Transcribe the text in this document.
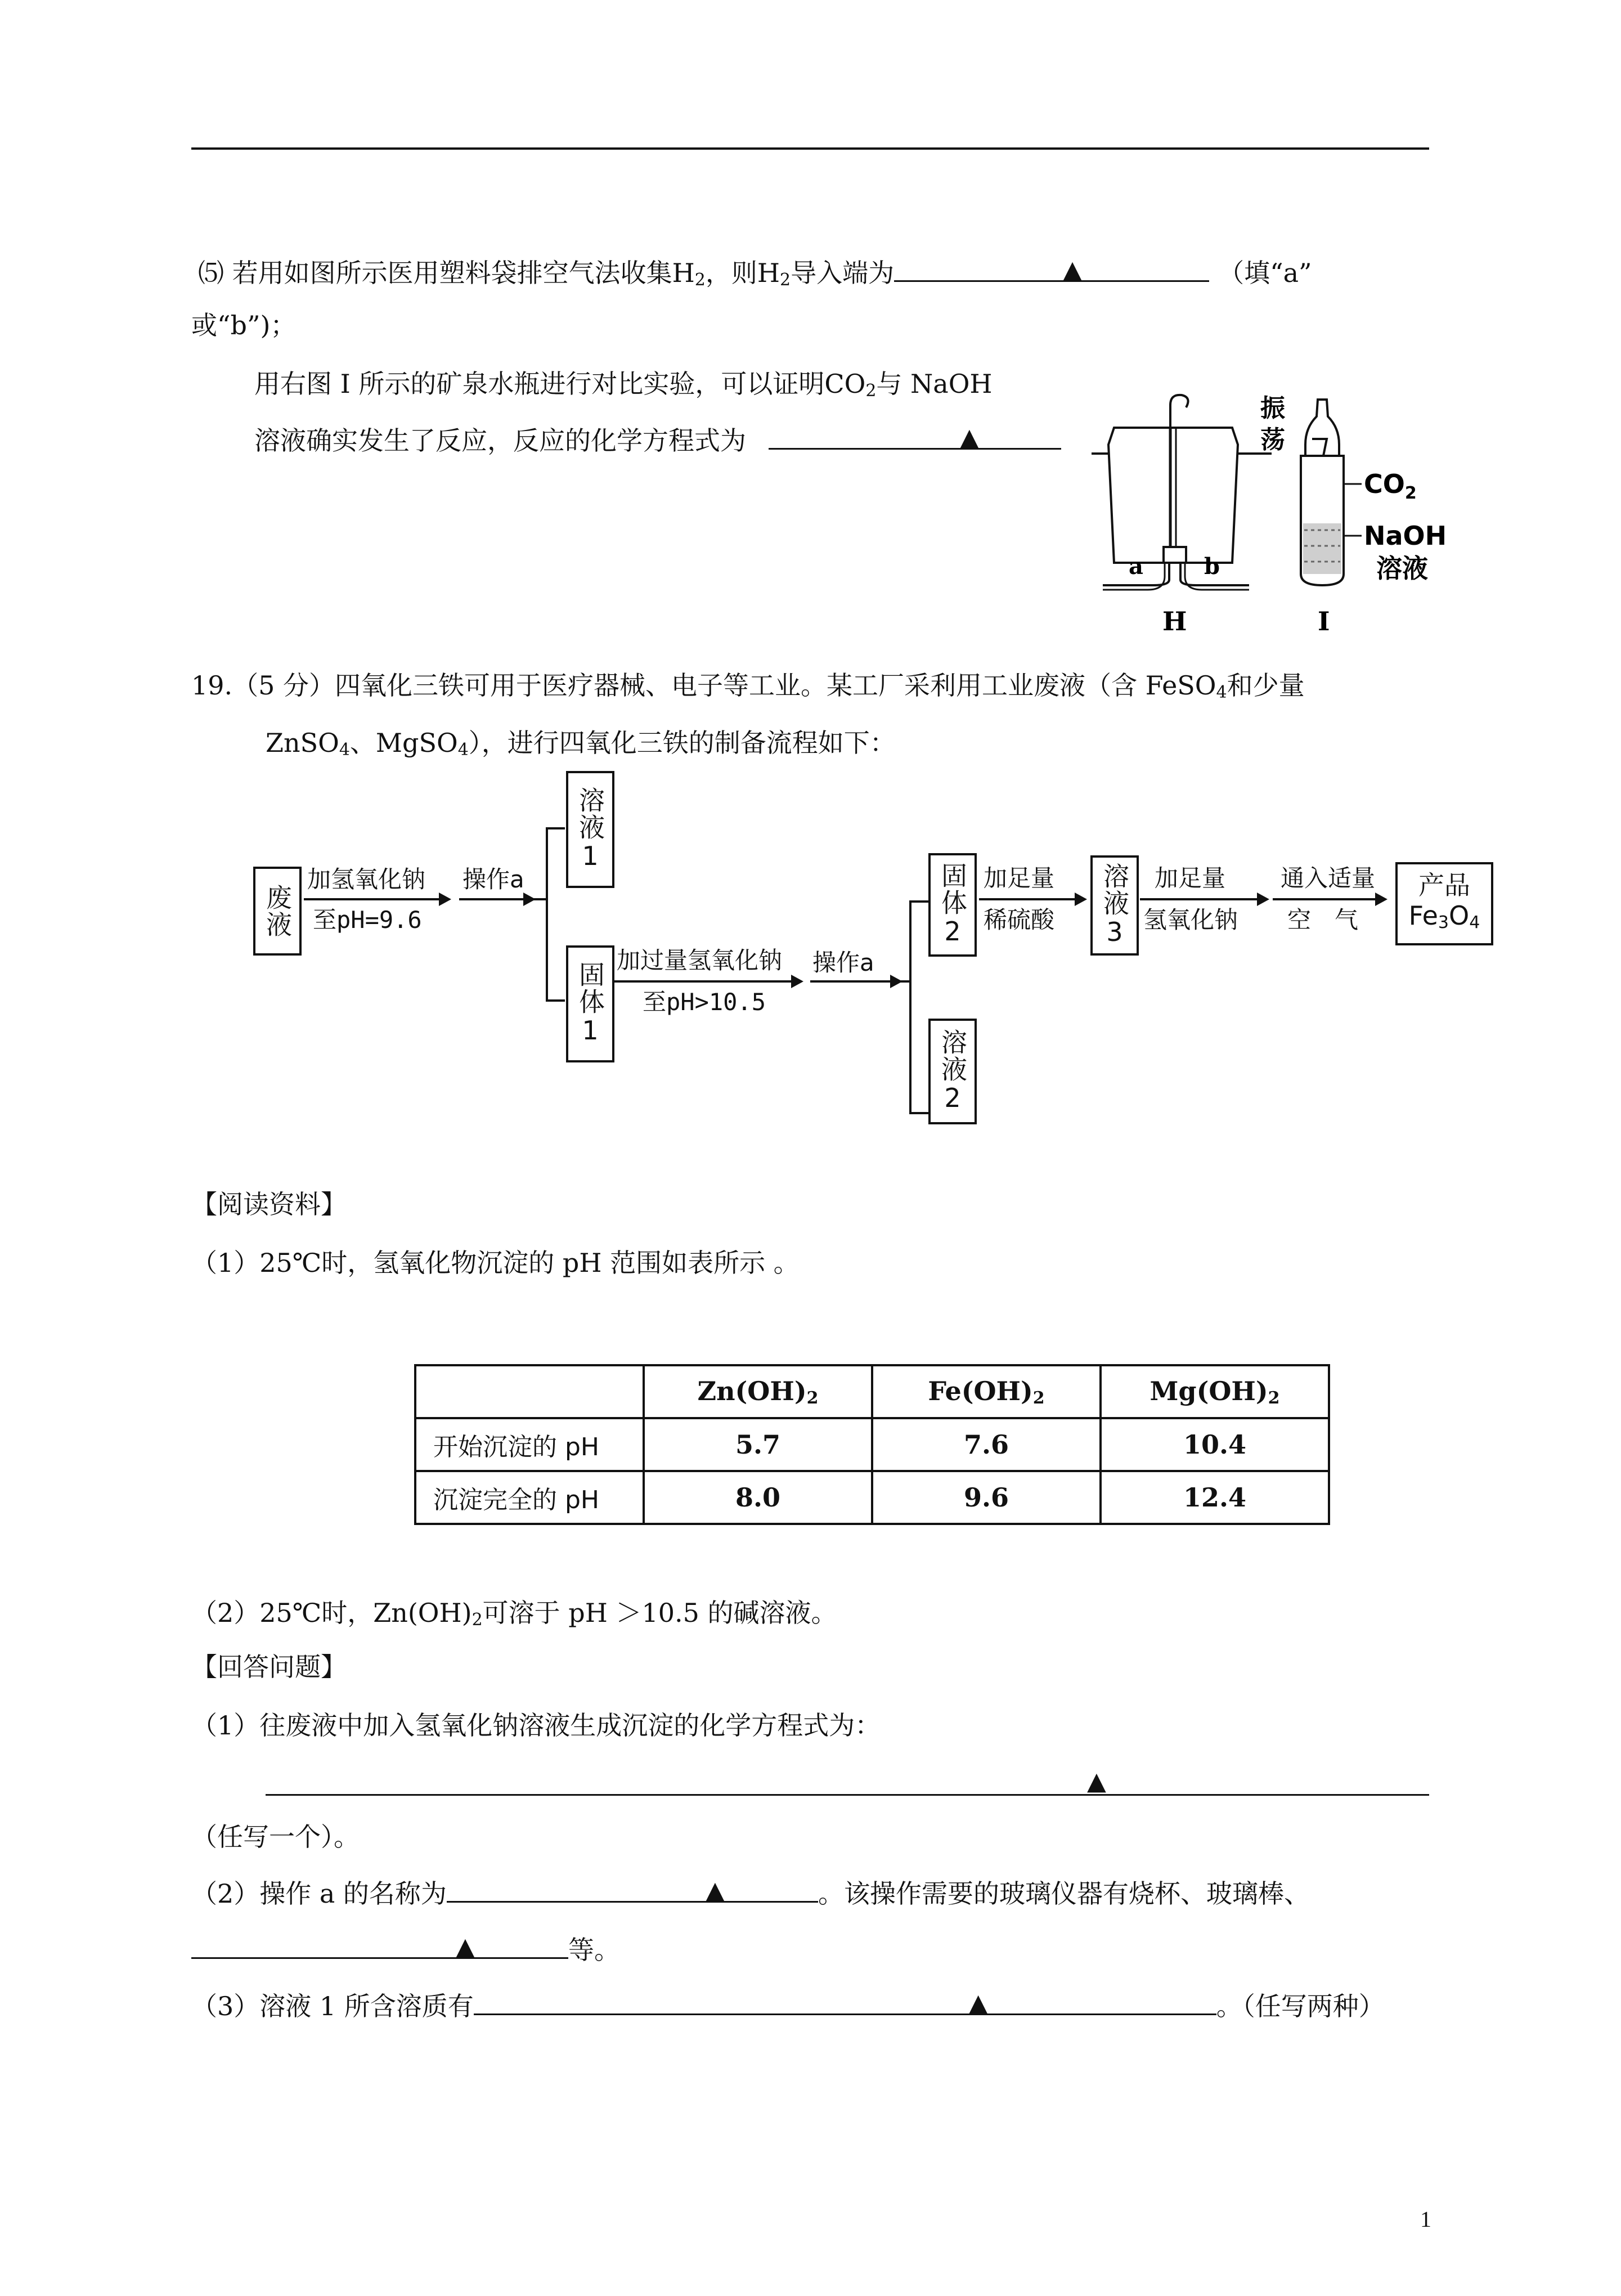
⑸ 若用如图所示医用塑料袋排空气法收集$H_2$，则$H_2$导入端为	▲	（填“a”
或“b”)；
用右图 I 所示的矿泉水瓶进行对比实验，可以证明$CO_2$与 NaOH
溶液确实发生了反应，反应的化学方程式为	▲
a	b
H
振
荡
$CO_2$
NaOH
溶液
I
19.（5 分）四氧化三铁可用于医疗器械、电子等工业。某工厂采利用工业废液（含 FeSO$_4$和少量
ZnSO$_4$、MgSO$_4$），进行四氧化三铁的制备流程如下：
废液
加氢氧化钠
至pH=9.6
操作a
溶液1
固体1
加过量氢氧化钠
至pH>10.5
操作a
固体2
溶液2
加足量
稀硫酸 溶液3 加足量
氢氧化钠
通入适量
空　气
产品
$Fe_3O_4$
【阅读资料】
（1）25℃时，氢氧化物沉淀的 pH 范围如表所示 。
	$Zn(OH)_2$	$Fe(OH)_2$	$Mg(OH)_2$
开始沉淀的 pH	5.7	7.6	10.4
沉淀完全的 pH	8.0	9.6	12.4
（2）25℃时，$Zn(OH)_2$可溶于 pH ＞10.5 的碱溶液。
【回答问题】
（1）往废液中加入氢氧化钠溶液生成沉淀的化学方程式为：
▲
（任写一个）。
（2）操作 a 的名称为	▲	。该操作需要的玻璃仪器有烧杯、玻璃棒、
▲	等。
（3）溶液 1 所含溶质有	▲	。（任写两种）
1
